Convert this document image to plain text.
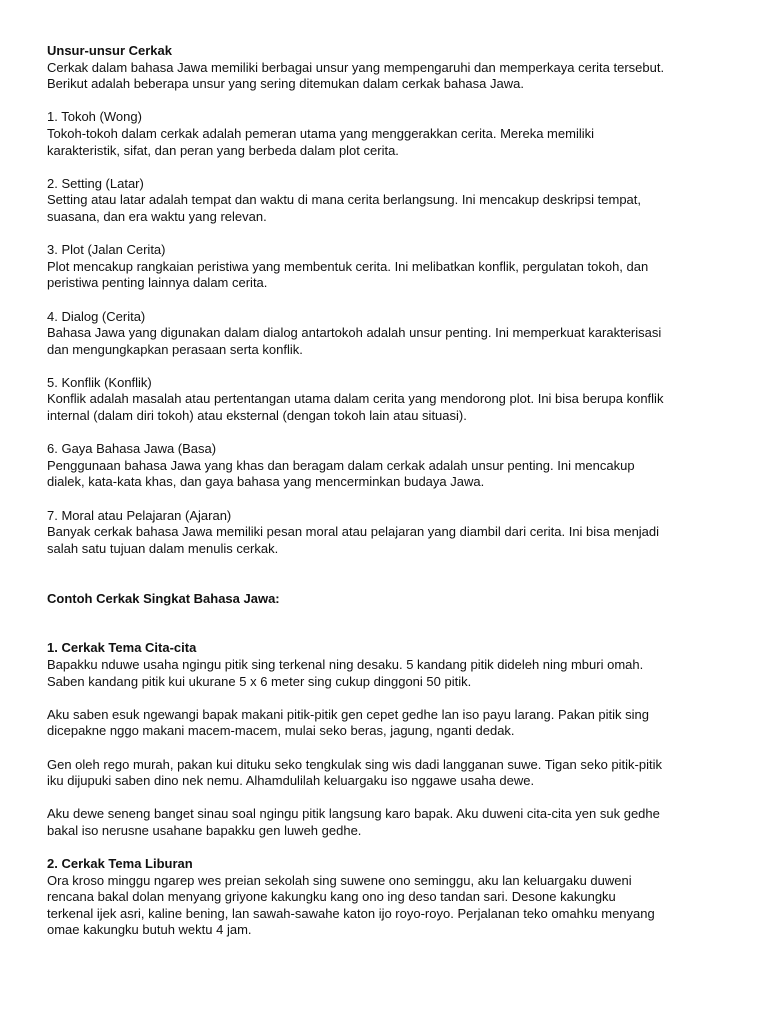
Unsur-unsur Cerkak

Cerkak dalam bahasa Jawa memiliki berbagai unsur yang mempengaruhi dan memperkaya cerita tersebut.
Berikut adalah beberapa unsur yang sering ditemukan dalam cerkak bahasa Jawa.

1. Tokoh (Wong)

Tokoh-tokoh dalam cerkak adalah pemeran utama yang menggerakkan cerita. Mereka memiliki
karakteristik, sifat, dan peran yang berbeda dalam plot cerita.

2. Setting (Latar)

Setting atau latar adalah tempat dan waktu di mana cerita berlangsung. Ini mencakup deskripsi tempat,
suasana, dan era waktu yang relevan.

3. Plot (Jalan Cerita)

Plot mencakup rangkaian peristiwa yang membentuk cerita. Ini melibatkan konflik, pergulatan tokoh, dan
peristiwa penting lainnya dalam cerita.

4. Dialog (Cerita)

Bahasa Jawa yang digunakan dalam dialog antartokoh adalah unsur penting. Ini memperkuat karakterisasi
dan mengungkapkan perasaan serta konflik.

5. Konflik (Konflik)

Konflik adalah masalah atau pertentangan utama dalam cerita yang mendorong plot. Ini bisa berupa konflik
internal (dalam diri tokoh) atau eksternal (dengan tokoh lain atau situasi).

6. Gaya Bahasa Jawa (Basa)

Penggunaan bahasa Jawa yang khas dan beragam dalam cerkak adalah unsur penting. Ini mencakup
dialek, kata-kata khas, dan gaya bahasa yang mencerminkan budaya Jawa.

7. Moral atau Pelajaran (Ajaran)

Banyak cerkak bahasa Jawa memiliki pesan moral atau pelajaran yang diambil dari cerita. Ini bisa menjadi
salah satu tujuan dalam menulis cerkak.

Contoh Cerkak Singkat Bahasa Jawa:

1. Cerkak Tema Cita-cita

Bapakku nduwe usaha ngingu pitik sing terkenal ning desaku. 5 kandang pitik dideleh ning mburi omah.
Saben kandang pitik kui ukurane 5 x 6 meter sing cukup dinggoni 50 pitik.

Aku saben esuk ngewangi bapak makani pitik-pitik gen cepet gedhe lan iso payu larang. Pakan pitik sing
dicepakne nggo makani macem-macem, mulai seko beras, jagung, nganti dedak.

Gen oleh rego murah, pakan kui dituku seko tengkulak sing wis dadi langganan suwe. Tigan seko pitik-pitik
iku dijupuki saben dino nek nemu. Alhamdulilah keluargaku iso nggawe usaha dewe.

Aku dewe seneng banget sinau soal ngingu pitik langsung karo bapak. Aku duweni cita-cita yen suk gedhe
bakal iso nerusne usahane bapakku gen luweh gedhe.

2. Cerkak Tema Liburan

Ora kroso minggu ngarep wes preian sekolah sing suwene ono seminggu, aku lan keluargaku duweni
rencana bakal dolan menyang griyone kakungku kang ono ing deso tandan sari. Desone kakungku
terkenal ijek asri, kaline bening, lan sawah-sawahe katon ijo royo-royo. Perjalanan teko omahku menyang
omae kakungku butuh wektu 4 jam.
